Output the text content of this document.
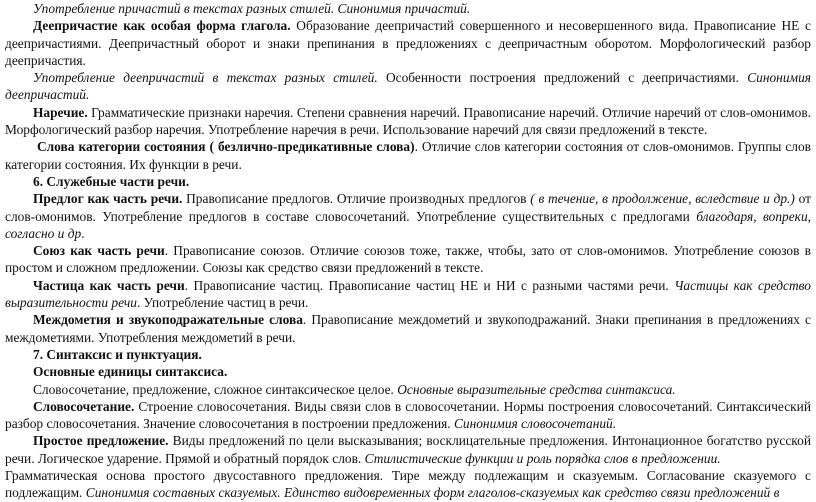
Употребление причастий в текстах разных стилей. Синонимия причастий.

Деепричастие как особая форма глагола. Образование деепричастий совершенного и несовершенного вида. Правописание НЕ с деепричастиями. Деепричастный оборот и знаки препинания в предложениях с деепричастным оборотом. Морфологический разбор деепричастия.

Употребление деепричастий в текстах разных стилей. Особенности построения предложений с деепричастиями. Синонимия деепричастий.

Наречие. Грамматические признаки наречия. Степени сравнения наречий. Правописание наречий. Отличие наречий от слов-омонимов. Морфологический разбор наречия. Употребление наречия в речи. Использование наречий для связи предложений в тексте.

Слова категории состояния ( безлично-предикативные слова). Отличие слов категории состояния от слов-омонимов. Группы слов категории состояния. Их функции в речи.

6. Служебные части речи.

Предлог как часть речи. Правописание предлогов. Отличие производных предлогов ( в течение, в продолжение, вследствие и др.) от слов-омонимов. Употребление предлогов в составе словосочетаний. Употребление существительных с предлогами благодаря, вопреки, согласно и др.

Союз как часть речи. Правописание союзов. Отличие союзов тоже, также, чтобы, зато от слов-омонимов. Употребление союзов в простом и сложном предложении. Союзы как средство связи предложений в тексте.

Частица как часть речи. Правописание частиц. Правописание частиц НЕ и НИ с разными частями речи. Частицы как средство выразительности речи. Употребление частиц в речи.

Междометия и звукоподражательные слова. Правописание междометий и звукоподражаний. Знаки препинания в предложениях с междометиями. Употребления междометий в речи.

7. Синтаксис и пунктуация.

Основные единицы синтаксиса.

Словосочетание, предложение, сложное синтаксическое целое. Основные выразительные средства синтаксиса.

Словосочетание. Строение словосочетания. Виды связи слов в словосочетании. Нормы построения словосочетаний. Синтаксический разбор словосочетания. Значение словосочетания в построении предложения. Синонимия словосочетаний.

Простое предложение. Виды предложений по цели высказывания; восклицательные предложения. Интонационное богатство русской речи. Логическое ударение. Прямой и обратный порядок слов. Стилистические функции и роль порядка слов в предложении.

Грамматическая основа простого двусоставного предложения. Тире между подлежащим и сказуемым. Согласование сказуемого с подлежащим. Синонимия составных сказуемых. Единство видовременных форм глаголов-сказуемых как средство связи предложений в
